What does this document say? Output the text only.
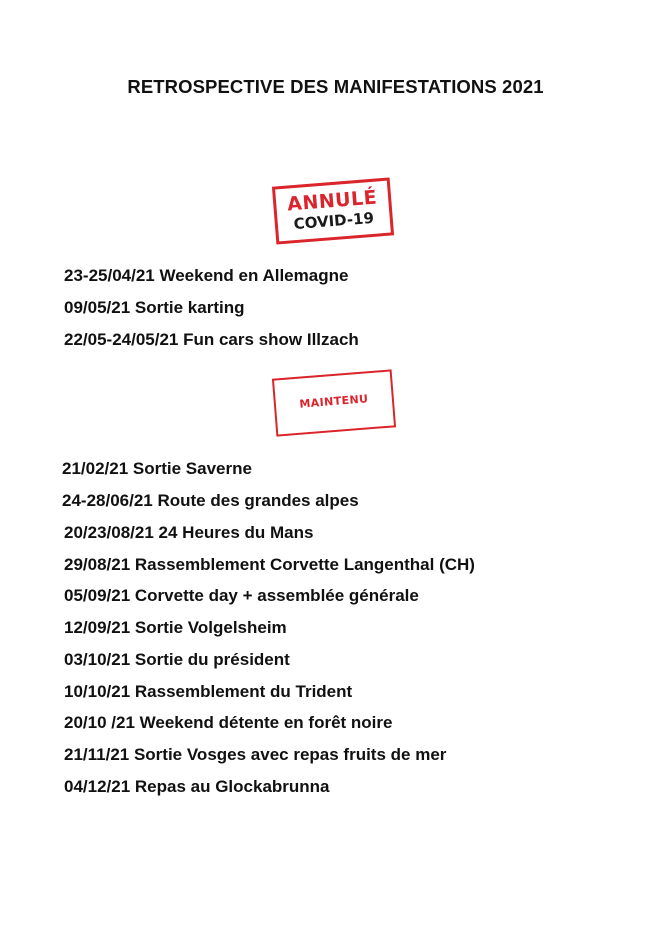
RETROSPECTIVE DES MANIFESTATIONS 2021
ANNULÉ
COVID-19
23-25/04/21 Weekend en Allemagne
09/05/21 Sortie karting
22/05-24/05/21 Fun cars show Illzach
MAINTENU
21/02/21 Sortie Saverne
24-28/06/21 Route des grandes alpes
20/23/08/21 24 Heures du Mans
29/08/21 Rassemblement Corvette Langenthal (CH)
05/09/21 Corvette day + assemblée générale
12/09/21 Sortie Volgelsheim
03/10/21 Sortie du président
10/10/21 Rassemblement du Trident
20/10 /21 Weekend détente en forêt noire
21/11/21 Sortie Vosges avec repas fruits de mer
04/12/21 Repas au Glockabrunna
